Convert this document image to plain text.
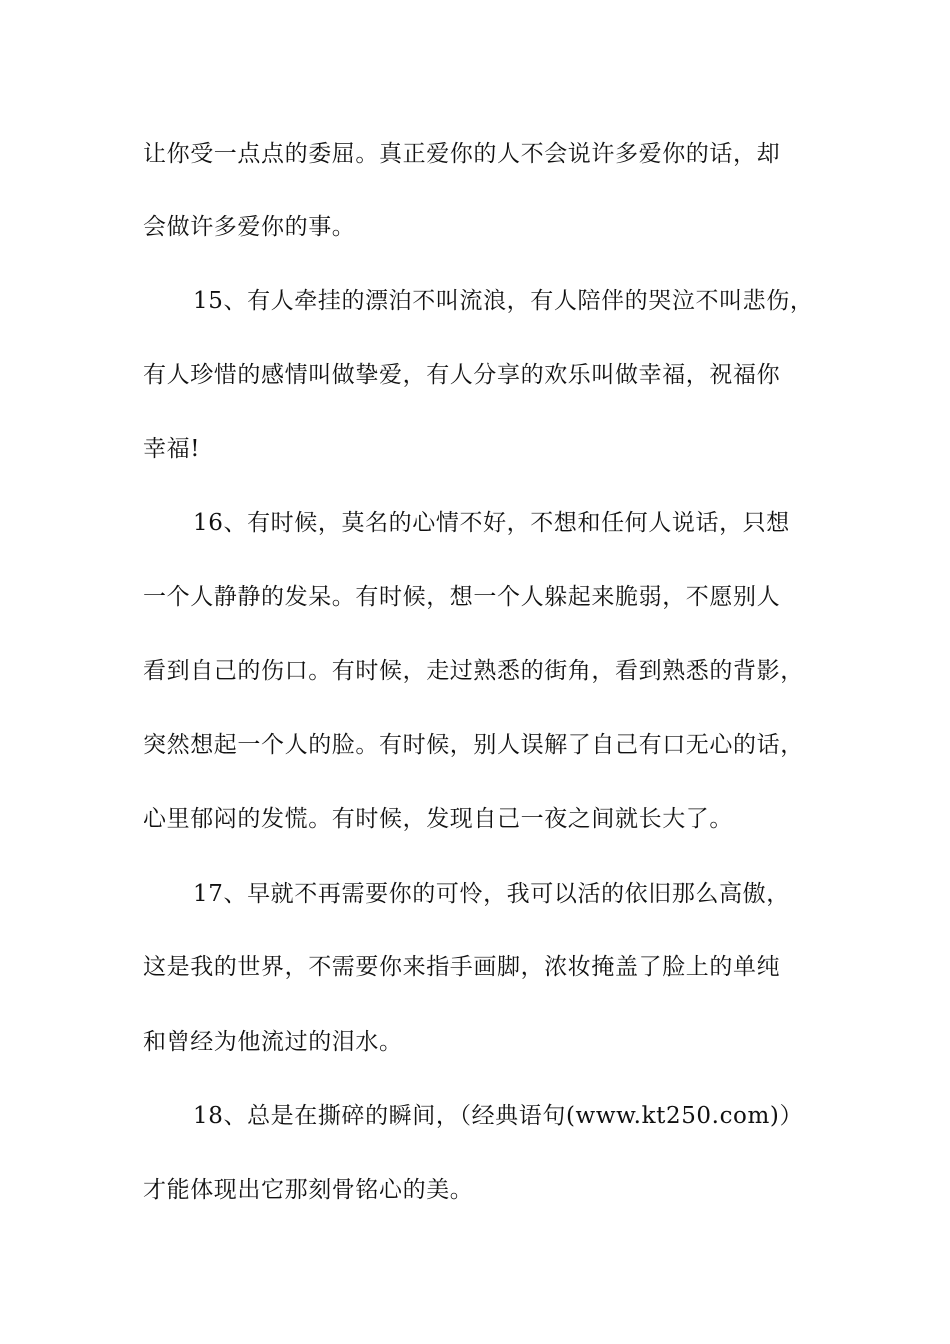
让你受一点点的委屈。真正爱你的人不会说许多爱你的话，却
会做许多爱你的事。
15、有人牵挂的漂泊不叫流浪，有人陪伴的哭泣不叫悲伤，
有人珍惜的感情叫做挚爱，有人分享的欢乐叫做幸福，祝福你
幸福!
16、有时候，莫名的心情不好，不想和任何人说话，只想
一个人静静的发呆。有时候，想一个人躲起来脆弱，不愿别人
看到自己的伤口。有时候，走过熟悉的街角，看到熟悉的背影，
突然想起一个人的脸。有时候，别人误解了自己有口无心的话，
心里郁闷的发慌。有时候，发现自己一夜之间就长大了。
17、早就不再需要你的可怜，我可以活的依旧那么高傲，
这是我的世界，不需要你来指手画脚，浓妆掩盖了脸上的单纯
和曾经为他流过的泪水。
18、总是在撕碎的瞬间，（经典语句(www.kt250.com)）
才能体现出它那刻骨铭心的美。
